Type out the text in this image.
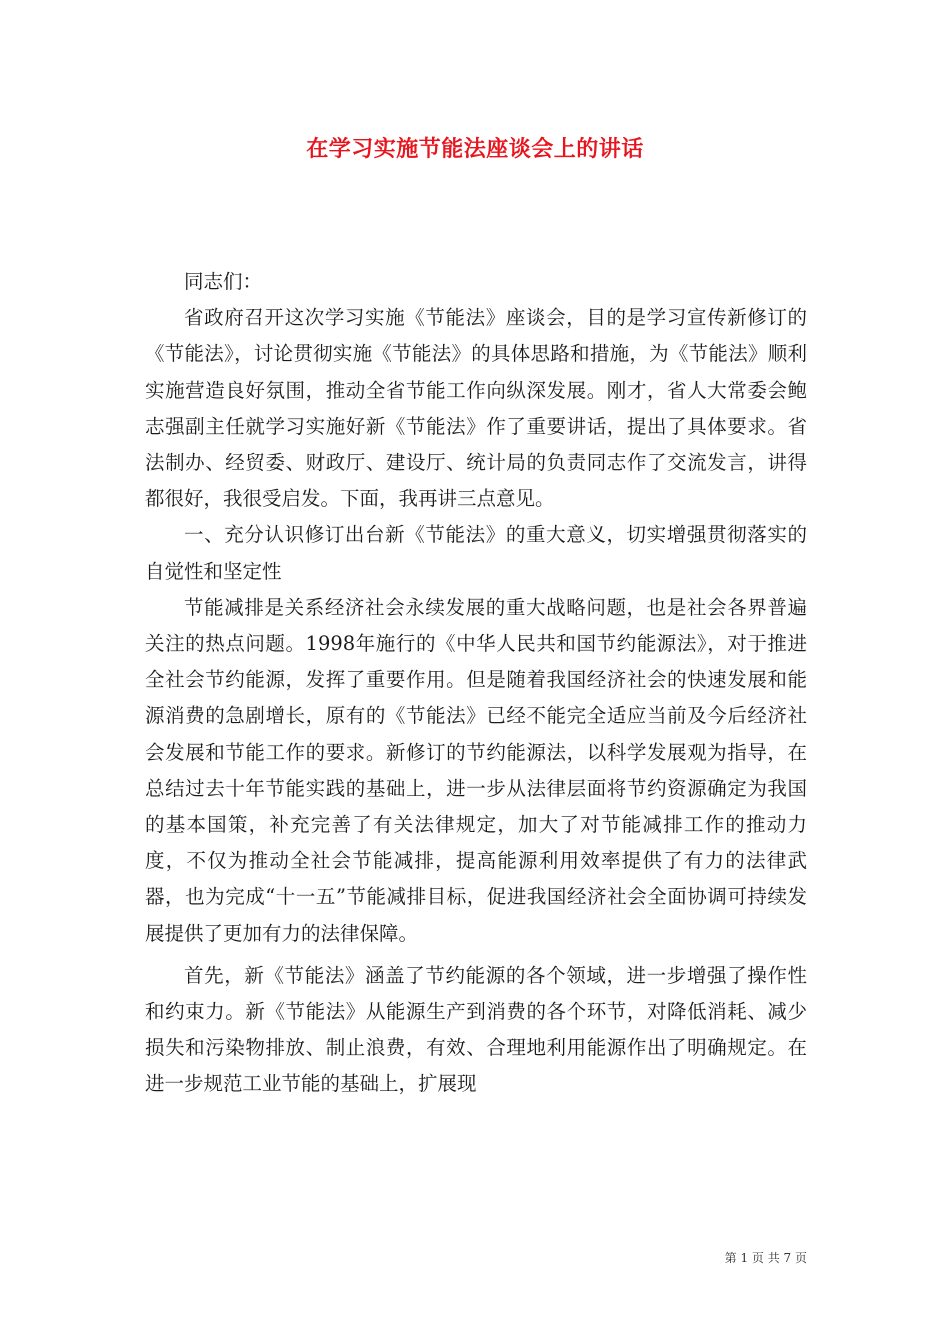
在学习实施节能法座谈会上的讲话

同志们：

省政府召开这次学习实施《节能法》座谈会，目的是学习宣传新修订的《节能法》，讨论贯彻实施《节能法》的具体思路和措施，为《节能法》顺利实施营造良好氛围，推动全省节能工作向纵深发展。刚才，省人大常委会鲍志强副主任就学习实施好新《节能法》作了重要讲话，提出了具体要求。省法制办、经贸委、财政厅、建设厅、统计局的负责同志作了交流发言，讲得都很好，我很受启发。下面，我再讲三点意见。

一、充分认识修订出台新《节能法》的重大意义，切实增强贯彻落实的自觉性和坚定性

节能减排是关系经济社会永续发展的重大战略问题，也是社会各界普遍关注的热点问题。1998年施行的《中华人民共和国节约能源法》，对于推进全社会节约能源，发挥了重要作用。但是随着我国经济社会的快速发展和能源消费的急剧增长，原有的《节能法》已经不能完全适应当前及今后经济社会发展和节能工作的要求。新修订的节约能源法，以科学发展观为指导，在总结过去十年节能实践的基础上，进一步从法律层面将节约资源确定为我国的基本国策，补充完善了有关法律规定，加大了对节能减排工作的推动力度，不仅为推动全社会节能减排，提高能源利用效率提供了有力的法律武器，也为完成“十一五”节能减排目标，促进我国经济社会全面协调可持续发展提供了更加有力的法律保障。

首先，新《节能法》涵盖了节约能源的各个领域，进一步增强了操作性和约束力。新《节能法》从能源生产到消费的各个环节，对降低消耗、减少损失和污染物排放、制止浪费，有效、合理地利用能源作出了明确规定。在进一步规范工业节能的基础上，扩展现

第 1 页 共 7 页
